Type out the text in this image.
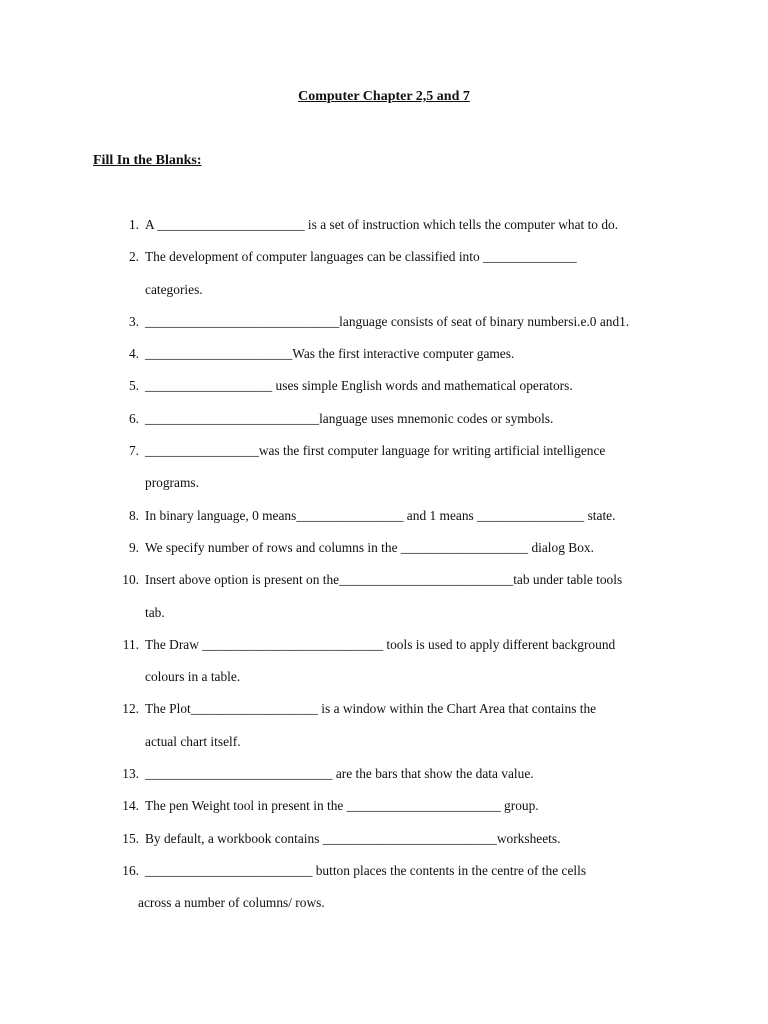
Computer Chapter 2,5 and 7
Fill In the Blanks:
1. A ______________________ is a set of instruction which tells the computer what to do.
2. The development of computer languages can be classified into ______________
categories.
3. _____________________________language consists of seat of binary numbersi.e.0 and1.
4. ______________________Was the first interactive computer games.
5. ___________________ uses simple English words and mathematical operators.
6. __________________________language uses mnemonic codes or symbols.
7. _________________was the first computer language for writing artificial intelligence
programs.
8. In binary language, 0 means________________ and 1 means ________________ state.
9. We specify number of rows and columns in the ___________________ dialog Box.
10. Insert above option is present on the__________________________tab under table tools
tab.
11. The Draw ___________________________ tools is used to apply different background
colours in a table.
12. The Plot___________________ is a window within the Chart Area that contains the
actual chart itself.
13. ____________________________ are the bars that show the data value.
14. The pen Weight tool in present in the _______________________ group.
15. By default, a workbook contains __________________________worksheets.
16. _________________________ button places the contents in the centre of the cells
across a number of columns/ rows.
